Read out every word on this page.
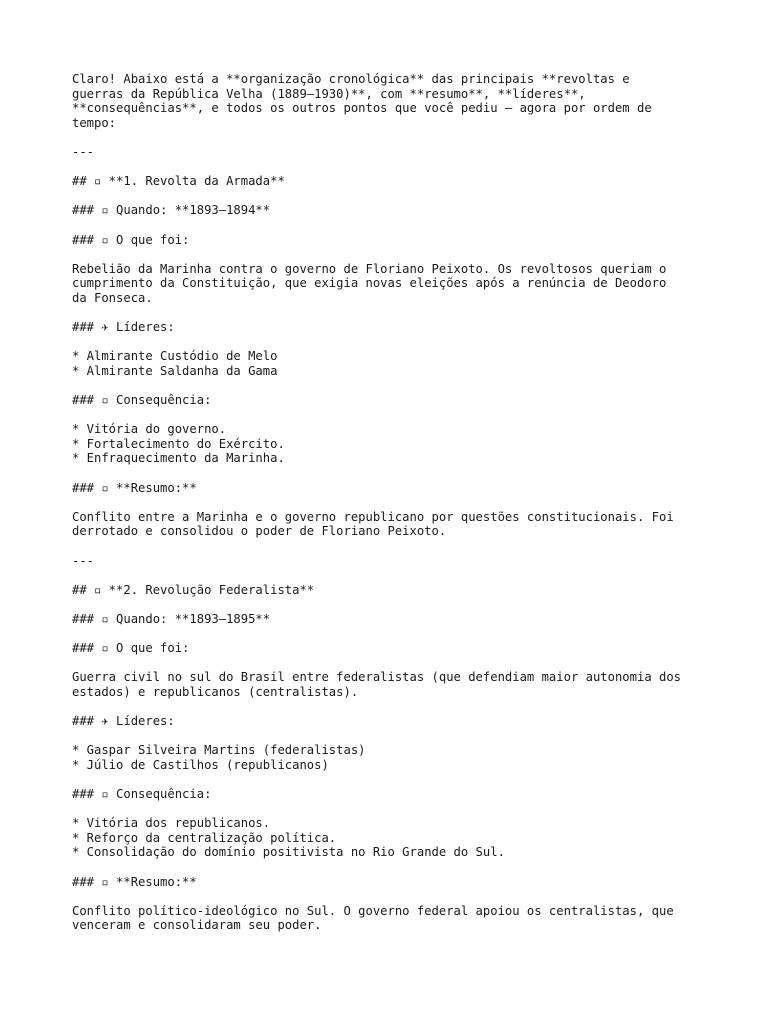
Claro! Abaixo está a **organização cronológica** das principais **revoltas e
guerras da República Velha (1889–1930)**, com **resumo**, **líderes**,
**consequências**, e todos os outros pontos que você pediu — agora por ordem de
tempo:
---
## ▫ **1. Revolta da Armada**
### ▫ Quando: **1893–1894**
### ▫ O que foi:
Rebelião da Marinha contra o governo de Floriano Peixoto. Os revoltosos queriam o
cumprimento da Constituição, que exigia novas eleições após a renúncia de Deodoro
da Fonseca.
### ✈ Líderes:
* Almirante Custódio de Melo
* Almirante Saldanha da Gama
### ▫ Consequência:
* Vitória do governo.
* Fortalecimento do Exército.
* Enfraquecimento da Marinha.
### ▫ **Resumo:**
Conflito entre a Marinha e o governo republicano por questões constitucionais. Foi
derrotado e consolidou o poder de Floriano Peixoto.
---
## ▫ **2. Revolução Federalista**
### ▫ Quando: **1893–1895**
### ▫ O que foi:
Guerra civil no sul do Brasil entre federalistas (que defendiam maior autonomia dos
estados) e republicanos (centralistas).
### ✈ Líderes:
* Gaspar Silveira Martins (federalistas)
* Júlio de Castilhos (republicanos)
### ▫ Consequência:
* Vitória dos republicanos.
* Reforço da centralização política.
* Consolidação do domínio positivista no Rio Grande do Sul.
### ▫ **Resumo:**
Conflito político-ideológico no Sul. O governo federal apoiou os centralistas, que
venceram e consolidaram seu poder.
